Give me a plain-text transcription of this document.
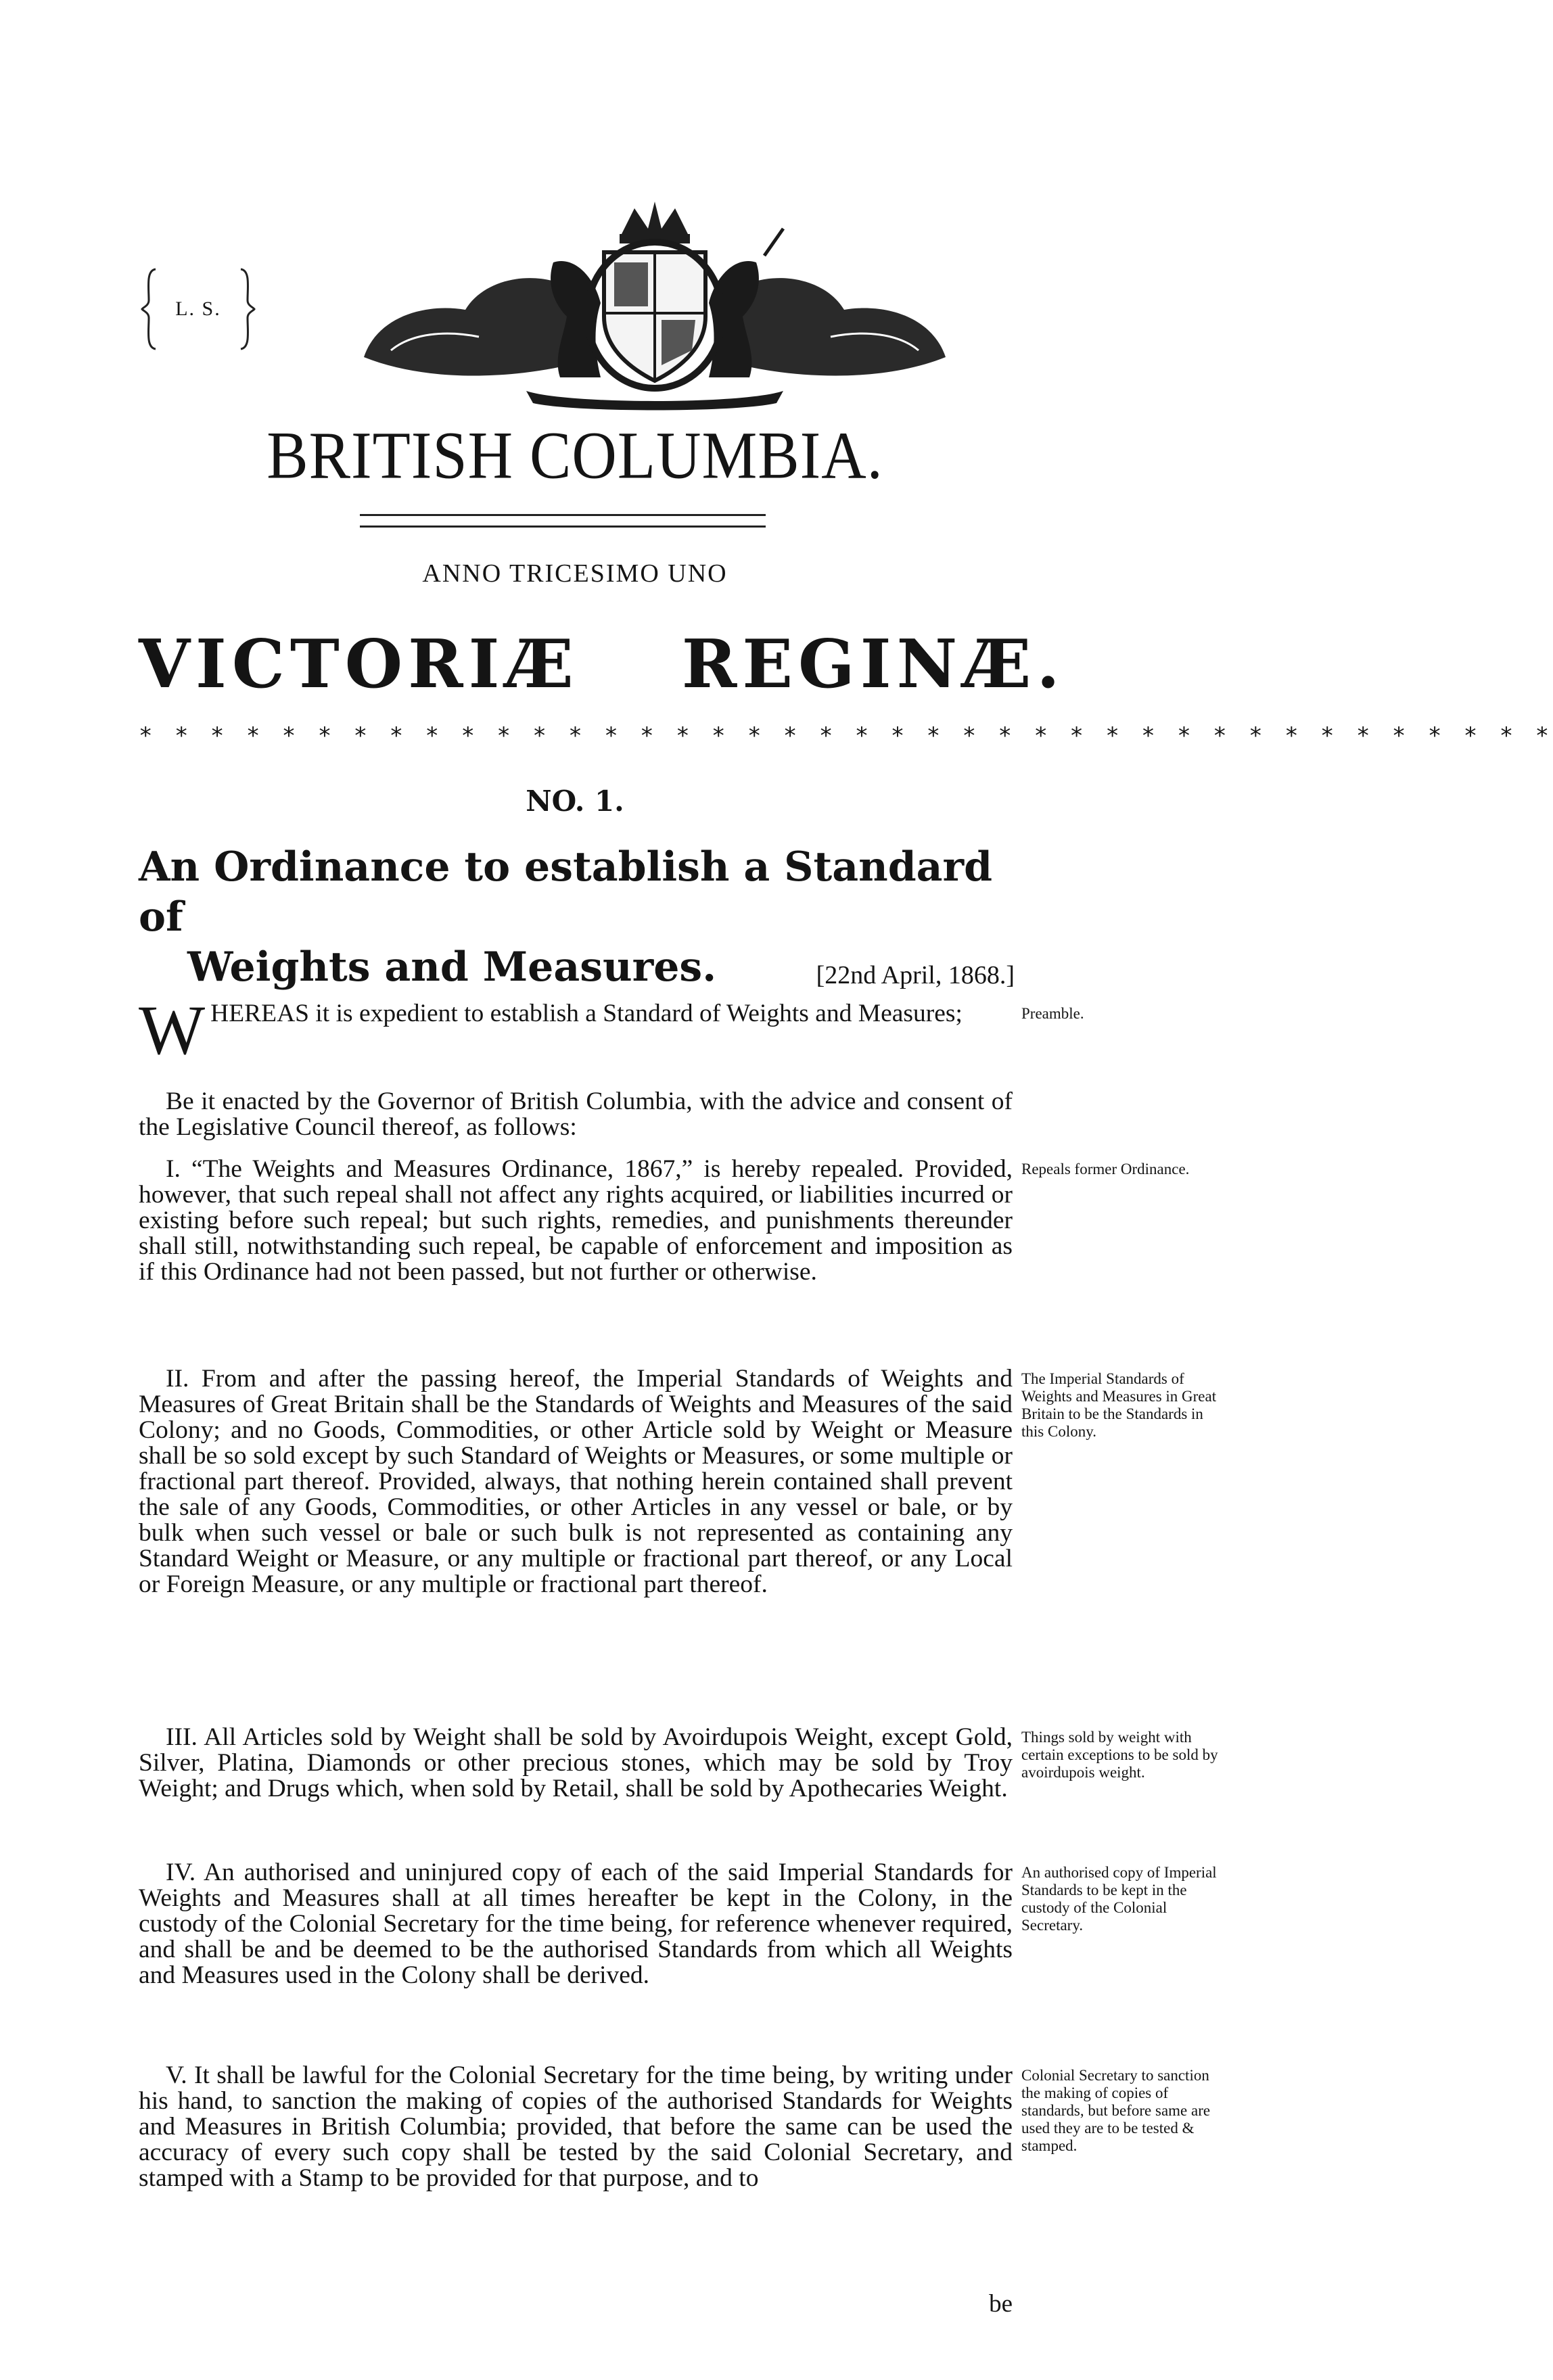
L. S.
BRITISH COLUMBIA.
ANNO TRICESIMO UNO
VICTORIÆ REGINÆ.
* * * * * * * * * * * * * * * * * * * * * * * * * * * * * * * * * * * * * * * *
NO. 1.
An Ordinance to establish a Standard of
Weights and Measures.	[22nd April, 1868.]

WHEREAS it is expedient to establish a Standard of Weights and Measures;

Be it enacted by the Governor of British Columbia, with the advice and consent of the Legislative Council thereof, as follows:

I. “The Weights and Measures Ordinance, 1867,” is hereby repealed. Provided, however, that such repeal shall not affect any rights acquired, or liabilities incurred or existing before such repeal; but such rights, remedies, and punishments thereunder shall still, notwithstanding such repeal, be capable of enforcement and imposition as if this Ordinance had not been passed, but not further or otherwise.

II. From and after the passing hereof, the Imperial Standards of Weights and Measures of Great Britain shall be the Standards of Weights and Measures of the said Colony; and no Goods, Commodities, or other Article sold by Weight or Measure shall be so sold except by such Standard of Weights or Measures, or some multiple or fractional part thereof. Provided, always, that nothing herein contained shall prevent the sale of any Goods, Commodities, or other Articles in any vessel or bale, or by bulk when such vessel or bale or such bulk is not represented as containing any Standard Weight or Measure, or any multiple or fractional part thereof, or any Local or Foreign Measure, or any multiple or fractional part thereof.

III. All Articles sold by Weight shall be sold by Avoirdupois Weight, except Gold, Silver, Platina, Diamonds or other precious stones, which may be sold by Troy Weight; and Drugs which, when sold by Retail, shall be sold by Apothecaries Weight.

IV. An authorised and uninjured copy of each of the said Imperial Standards for Weights and Measures shall at all times hereafter be kept in the Colony, in the custody of the Colonial Secretary for the time being, for reference whenever required, and shall be and be deemed to be the authorised Standards from which all Weights and Measures used in the Colony shall be derived.

V. It shall be lawful for the Colonial Secretary for the time being, by writing under his hand, to sanction the making of copies of the authorised Standards for Weights and Measures in British Columbia; provided, that before the same can be used the accuracy of every such copy shall be tested by the said Colonial Secretary, and stamped with a Stamp to be provided for that purpose, and to

Preamble.
Repeals former Ordinance.
The Imperial Standards of Weights and Measures in Great Britain to be the Standards in this Colony.
Things sold by weight with certain exceptions to be sold by avoirdupois weight.
An authorised copy of Imperial Standards to be kept in the custody of the Colonial Secretary.
Colonial Secretary to sanction the making of copies of standards, but before same are used they are to be tested & stamped.
be
